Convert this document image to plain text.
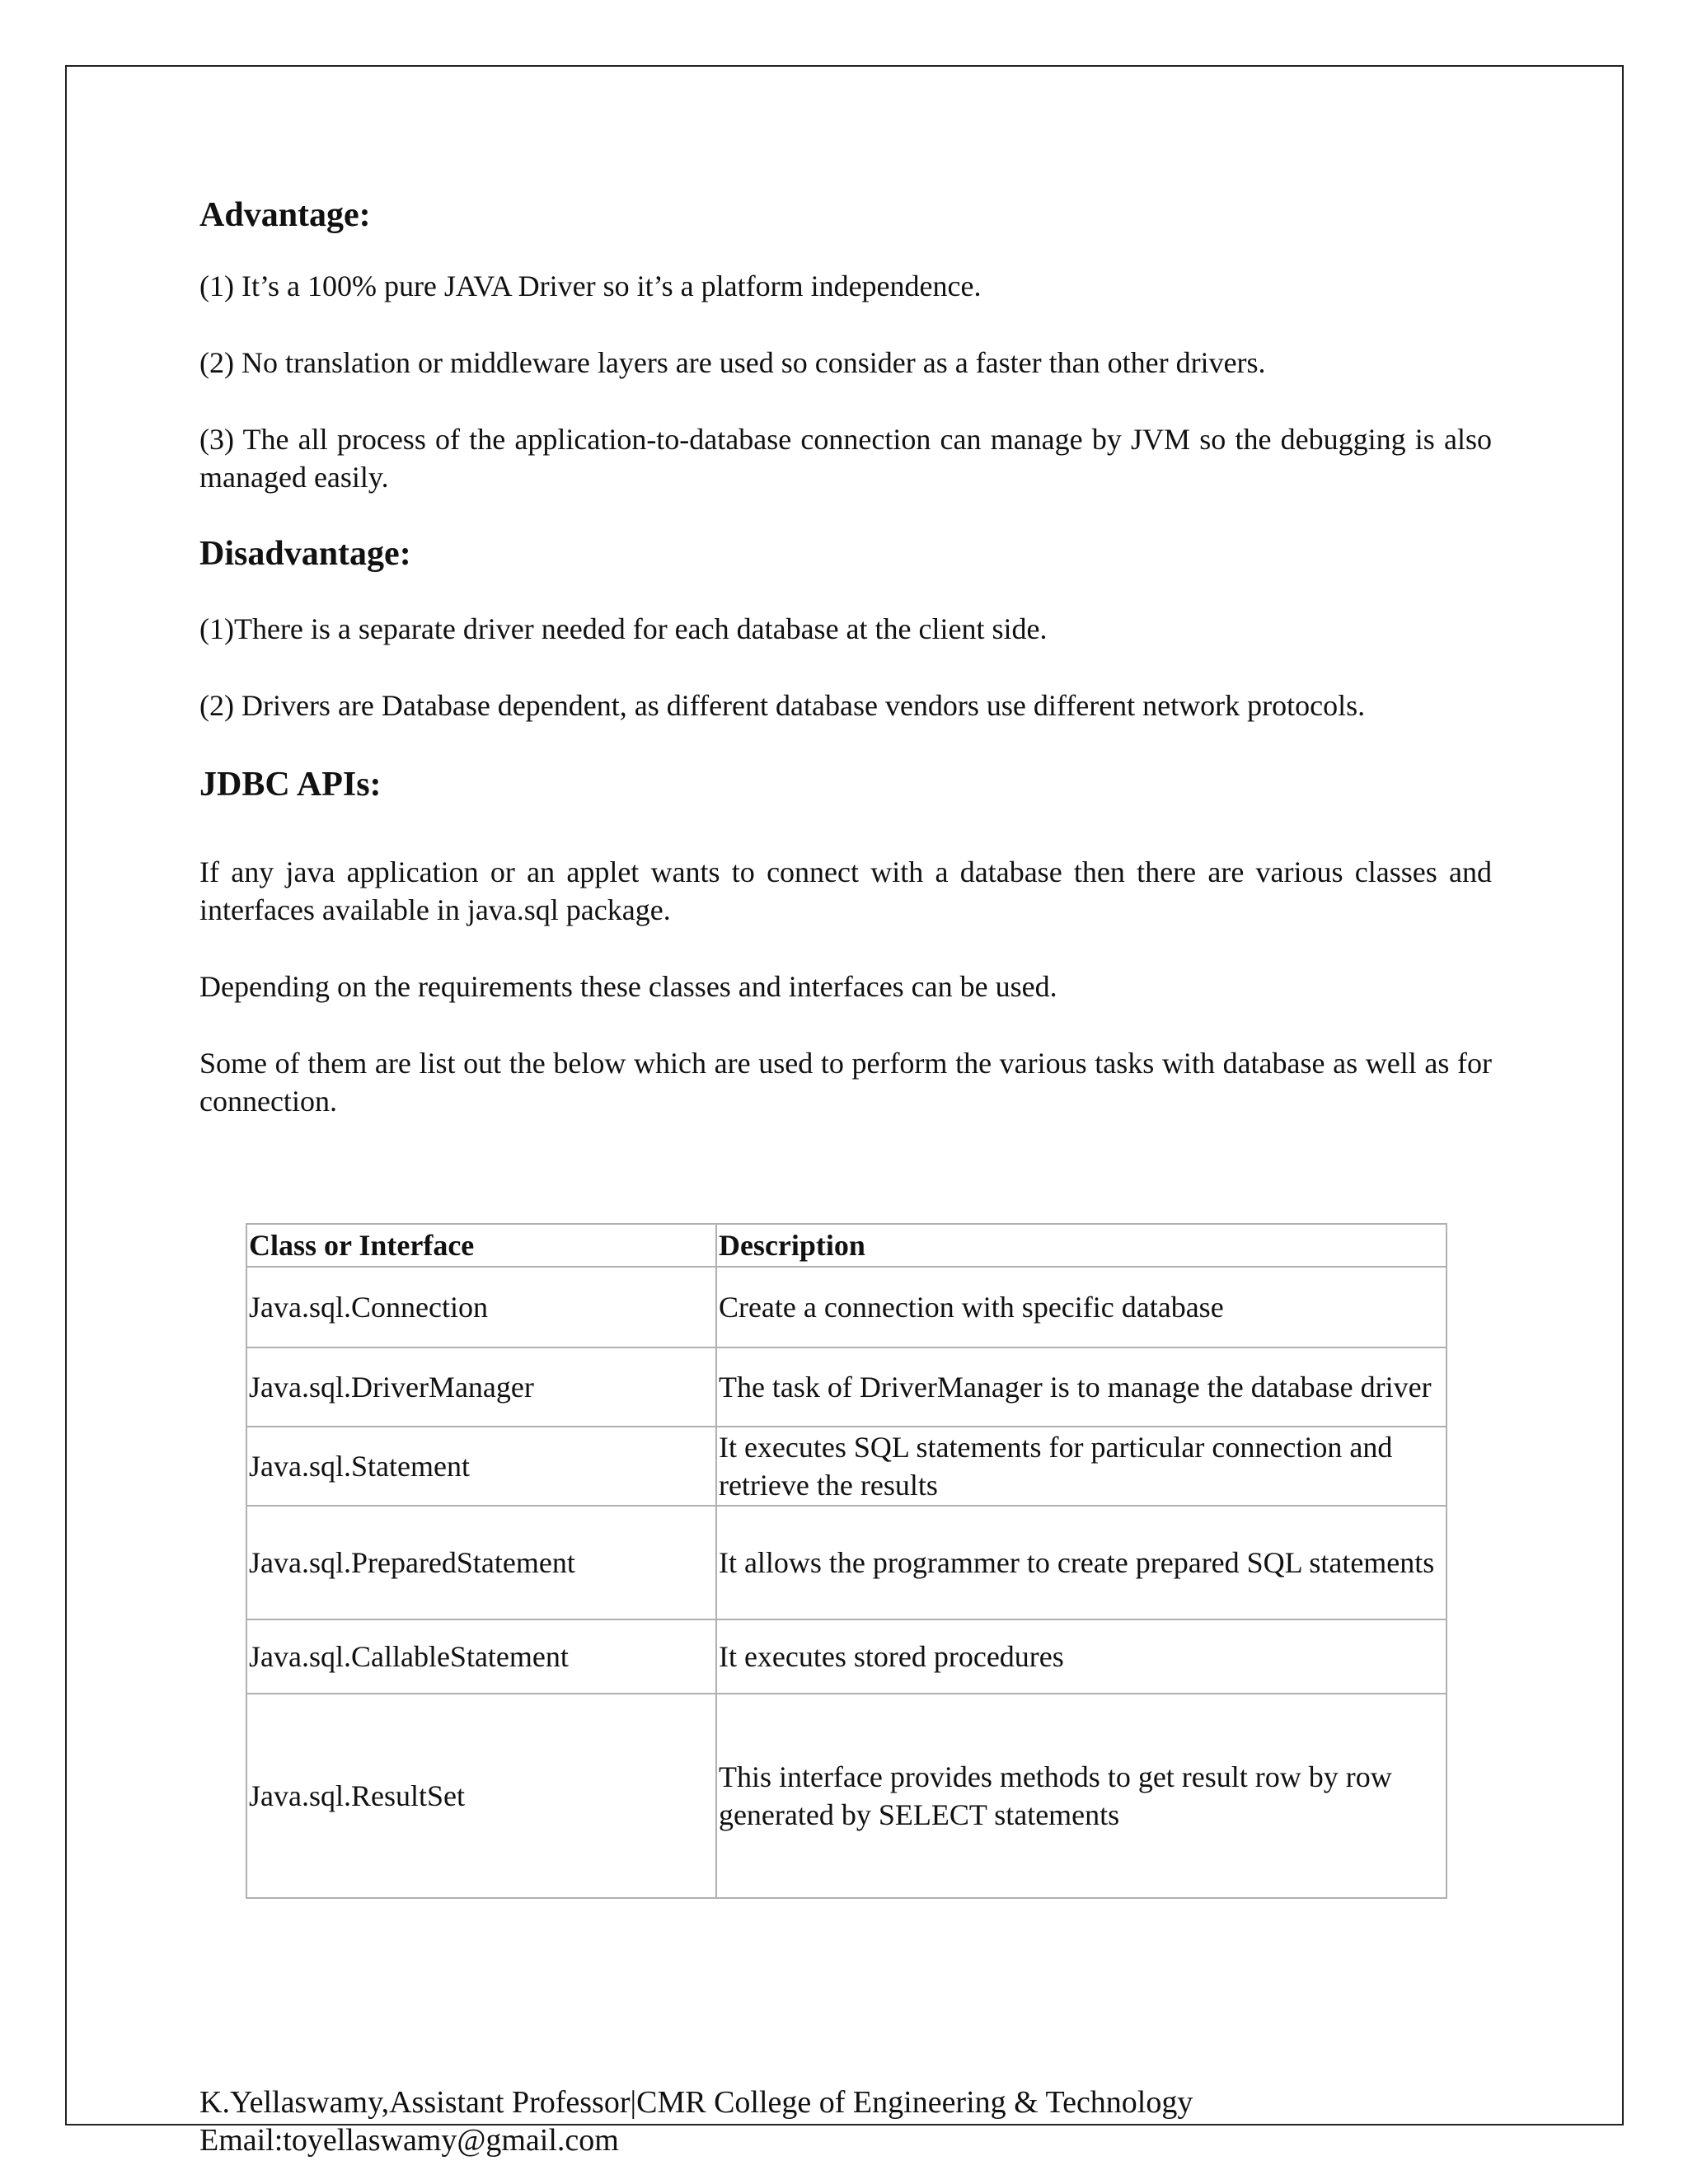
Advantage:

(1) It’s a 100% pure JAVA Driver so it’s a platform independence.

(2) No translation or middleware layers are used so consider as a faster than other drivers.

(3) The all process of the application-to-database connection can manage by JVM so the debugging is also managed easily.

Disadvantage:

(1)There is a separate driver needed for each database at the client side.

(2) Drivers are Database dependent, as different database vendors use different network protocols.

JDBC APIs:

If any java application or an applet wants to connect with a database then there are various classes and interfaces available in java.sql package.

Depending on the requirements these classes and interfaces can be used.

Some of them are list out the below which are used to perform the various tasks with database as well as for connection.

Class or Interface	Description
Java.sql.Connection	Create a connection with specific database
Java.sql.DriverManager	The task of DriverManager is to manage the database driver
Java.sql.Statement	It executes SQL statements for particular connection and retrieve the results
Java.sql.PreparedStatement	It allows the programmer to create prepared SQL statements
Java.sql.CallableStatement	It executes stored procedures
Java.sql.ResultSet	This interface provides methods to get result row by row generated by SELECT statements
K.Yellaswamy,Assistant Professor|CMR College of Engineering & Technology
Email:toyellaswamy@gmail.com
